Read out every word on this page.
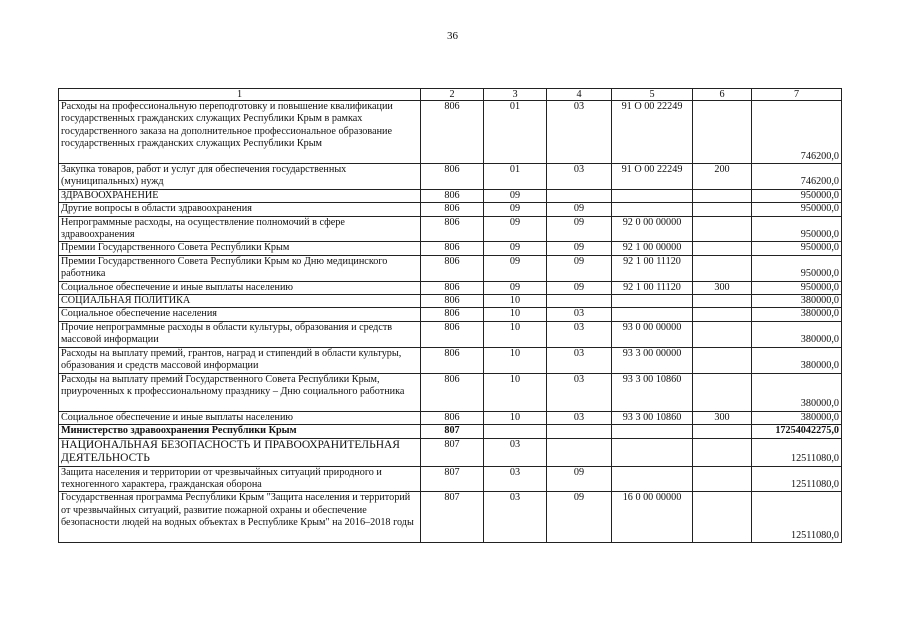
36
1	2	3	4	5	6	7
Расходы на профессиональную переподготовку и повышение квалификации государственных гражданских служащих Республики Крым в рамках государственного заказа на дополнительное профессиональное образование государственных гражданских служащих Республики Крым	806	01	03	91 О 00 22249		746200,0
Закупка товаров, работ и услуг для обеспечения государственных (муниципальных) нужд	806	01	03	91 О 00 22249	200	746200,0
ЗДРАВООХРАНЕНИЕ	806	09				950000,0
Другие вопросы в области здравоохранения	806	09	09			950000,0
Непрограммные расходы, на осуществление полномочий в сфере здравоохранения	806	09	09	92 0 00 00000		950000,0
Премии Государственного Совета Республики Крым	806	09	09	92 1 00 00000		950000,0
Премии Государственного Совета Республики Крым ко Дню медицинского работника	806	09	09	92 1 00 11120		950000,0
Социальное обеспечение и иные выплаты населению	806	09	09	92 1 00 11120	300	950000,0
СОЦИАЛЬНАЯ ПОЛИТИКА	806	10				380000,0
Социальное обеспечение населения	806	10	03			380000,0
Прочие непрограммные расходы в области культуры, образования и средств массовой информации	806	10	03	93 0 00 00000		380000,0
Расходы на выплату премий, грантов, наград и стипендий в области культуры, образования и средств массовой информации	806	10	03	93 3 00 00000		380000,0
Расходы на выплату премий Государственного Совета Республики Крым, приуроченных к профессиональному празднику – Дню социального работника	806	10	03	93 3 00 10860		380000,0
Социальное обеспечение и иные выплаты населению	806	10	03	93 3 00 10860	300	380000,0
Министерство здравоохранения Республики Крым	807					17254042275,0
НАЦИОНАЛЬНАЯ БЕЗОПАСНОСТЬ И ПРАВООХРАНИТЕЛЬНАЯ ДЕЯТЕЛЬНОСТЬ	807	03				12511080,0
Защита населения и территории от чрезвычайных ситуаций природного и техногенного характера, гражданская оборона	807	03	09			12511080,0
Государственная программа Республики Крым "Защита населения и территорий от чрезвычайных ситуаций, развитие пожарной охраны и обеспечение безопасности людей на водных объектах в Республике Крым" на 2016–2018 годы	807	03	09	16 0 00 00000		12511080,0
